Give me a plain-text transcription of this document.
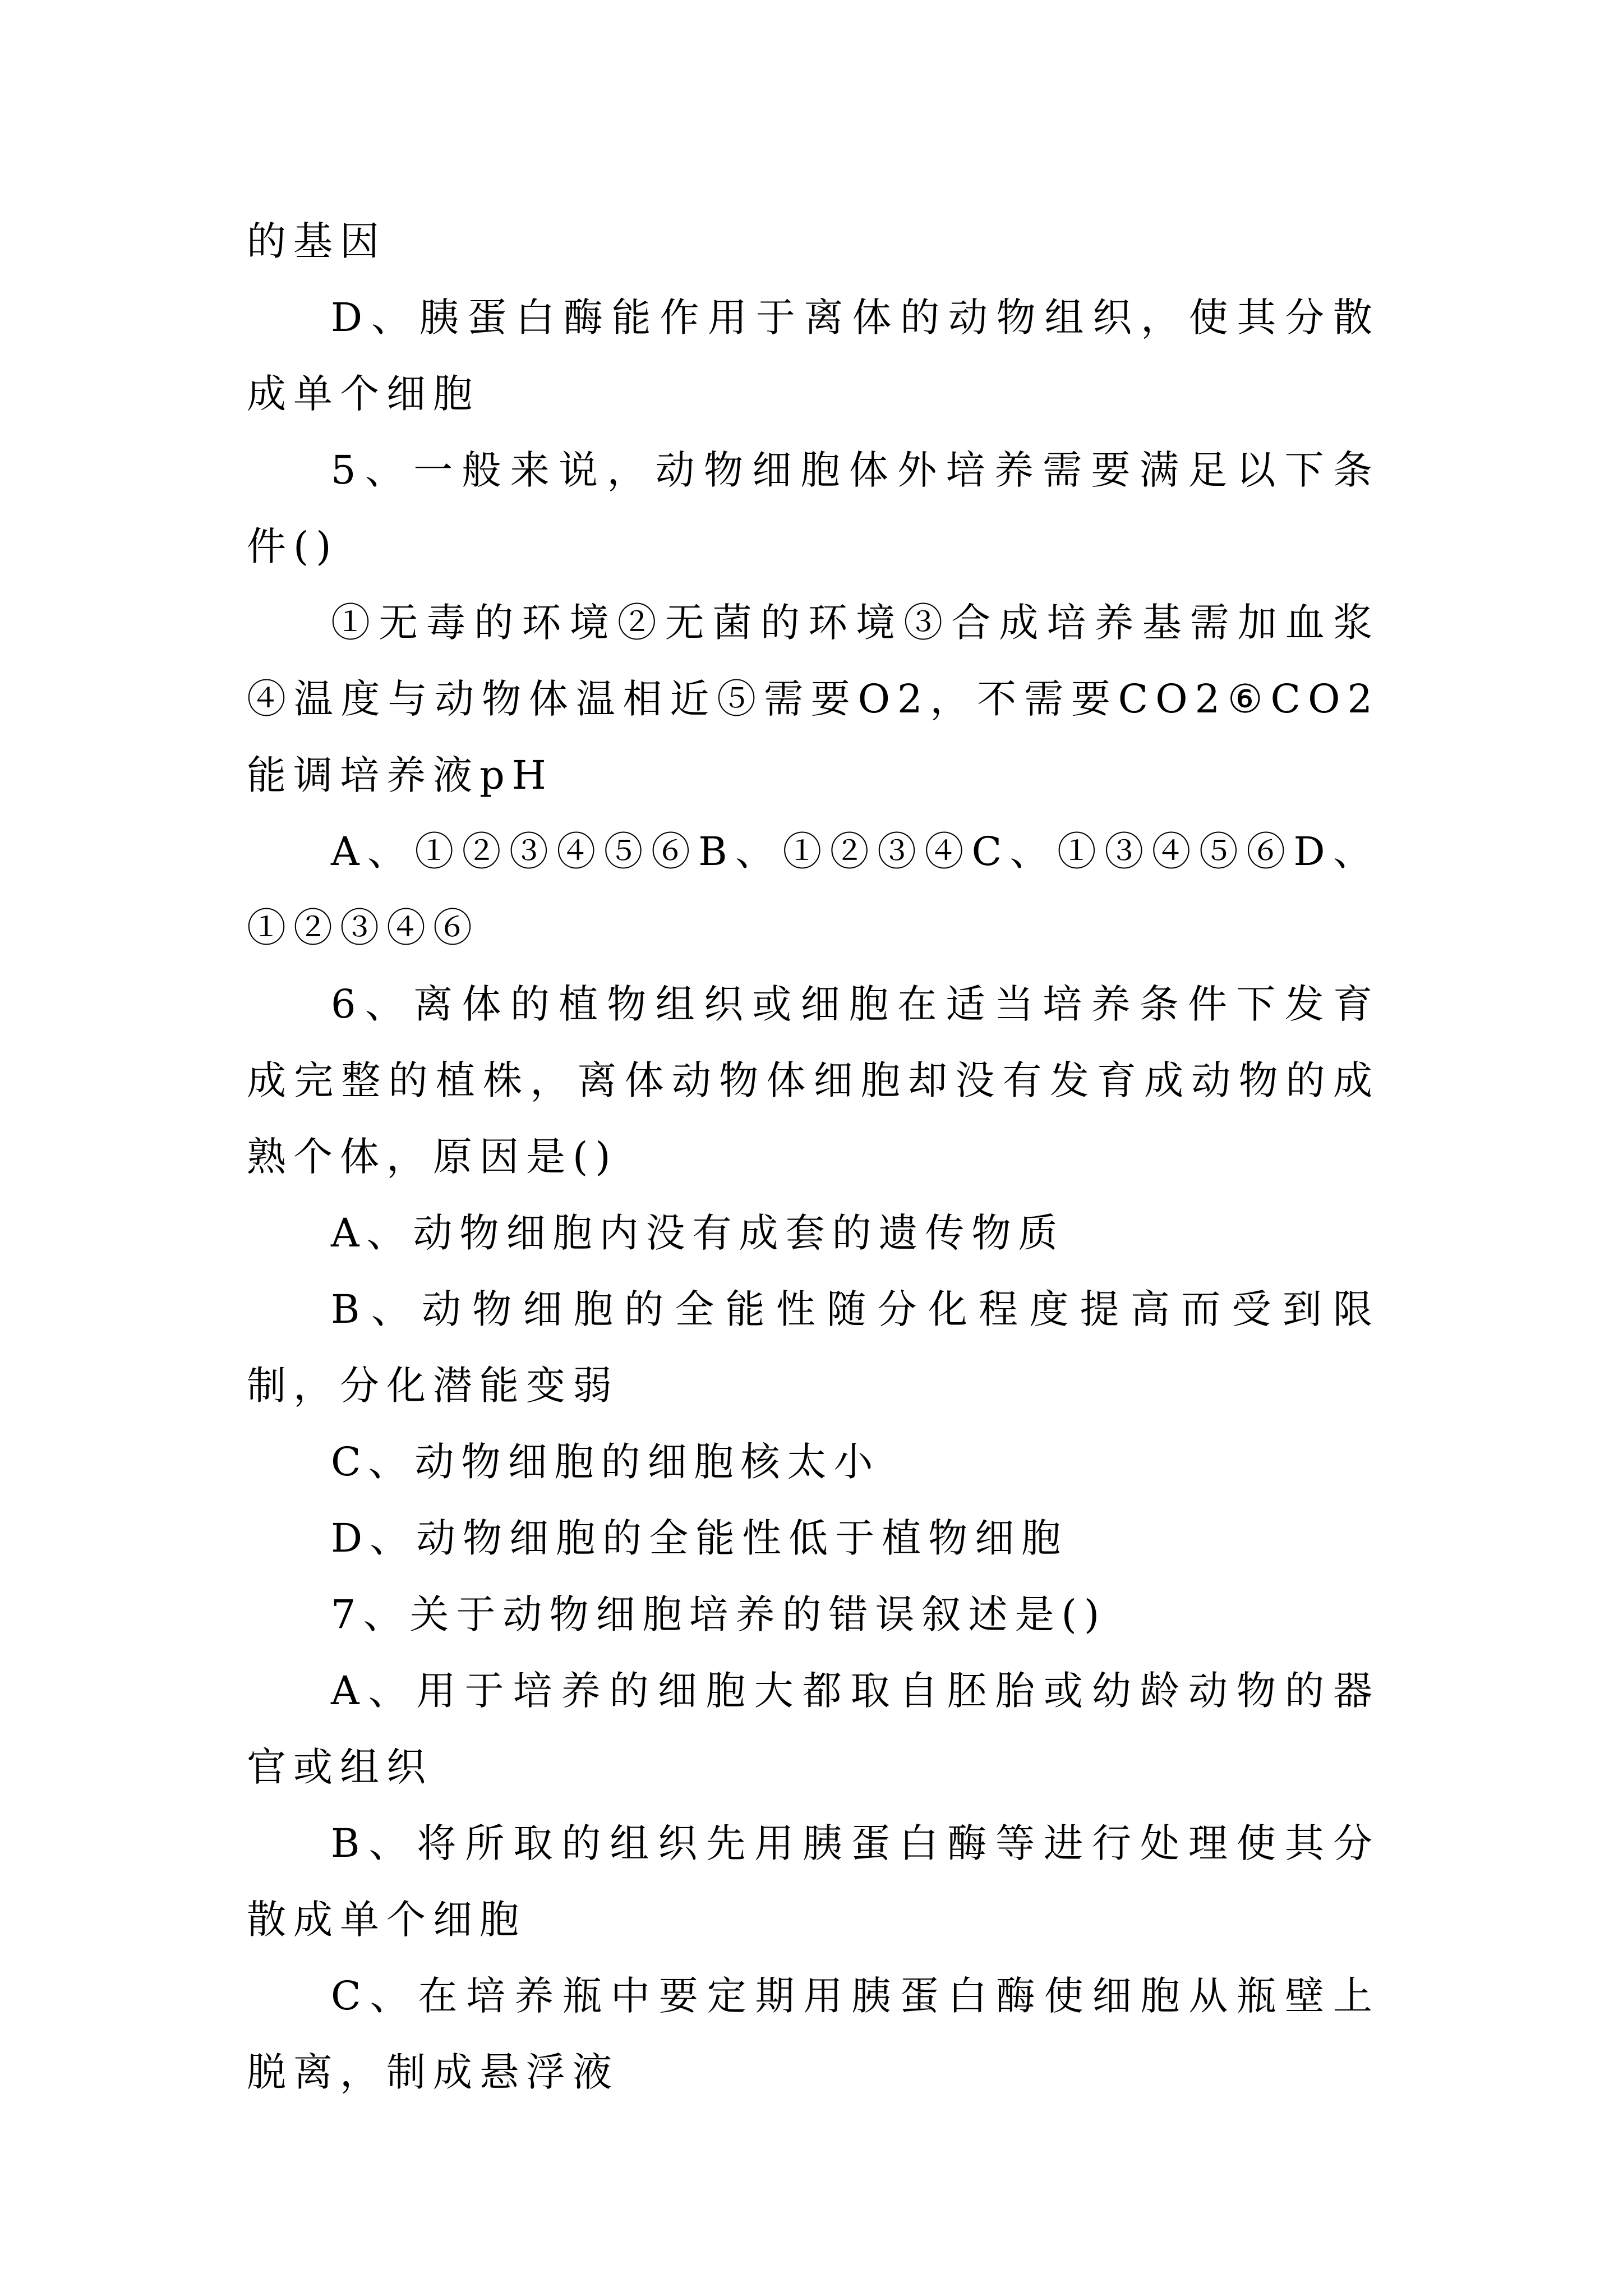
的基因

D、胰蛋白酶能作用于离体的动物组织，使其分散成单个细胞

5、一般来说，动物细胞体外培养需要满足以下条件()

①无毒的环境②无菌的环境③合成培养基需加血浆④温度与动物体温相近⑤需要O2，不需要CO2⑥CO2能调培养液pH

A、①②③④⑤⑥B、①②③④C、①③④⑤⑥D、①②③④⑥

6、离体的植物组织或细胞在适当培养条件下发育成完整的植株，离体动物体细胞却没有发育成动物的成熟个体，原因是()

A、动物细胞内没有成套的遗传物质

B、动物细胞的全能性随分化程度提高而受到限制，分化潜能变弱

C、动物细胞的细胞核太小

D、动物细胞的全能性低于植物细胞

7、关于动物细胞培养的错误叙述是()

A、用于培养的细胞大都取自胚胎或幼龄动物的器官或组织

B、将所取的组织先用胰蛋白酶等进行处理使其分散成单个细胞

C、在培养瓶中要定期用胰蛋白酶使细胞从瓶壁上脱离，制成悬浮液
